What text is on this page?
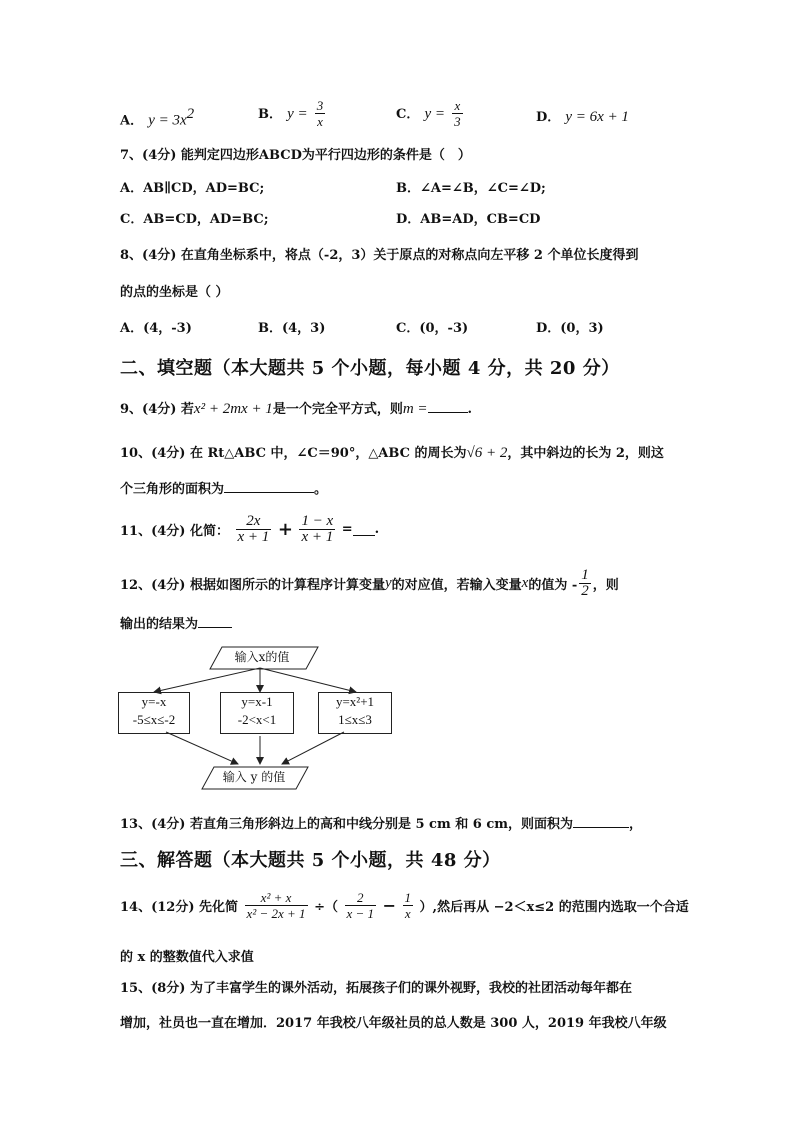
A． $y = 3x^2$	B． $y = \frac{3}{x}$	C． $y = \frac{x}{3}$	D． y = 6x + 1
7、(4分) 能判定四边形ABCD为平行四边形的条件是（　）
A．AB∥CD，AD=BC;	B．∠A=∠B，∠C=∠D;
C．AB=CD，AD=BC;	D．AB=AD，CB=CD
8、(4分) 在直角坐标系中，将点（-2，3）关于原点的对称点向左平移 2 个单位长度得到
的点的坐标是（ ）
A．(4，-3)	B．(4，3)	C．(0，-3)	D．(0，3)
二、填空题（本大题共 5 个小题，每小题 4 分，共 20 分）
9、(4分) 若x² + 2mx + 1是一个完全平方式，则m =	.
10、(4分) 在 Rt△ABC 中，∠C＝90°，△ABC 的周长为√6 + 2，其中斜边的长为 2，则这
个三角形的面积为	。
11、(4分) 化简： $\frac{2x}{x + 1} + \frac{1 - x}{x + 1}$ = .
12、(4分) 根据如图所示的计算程序计算变量y的对应值，若输入变量x的值为 - $\frac{1}{2}$ ，则
输出的结果为
输入x的值
y=-x
-5≤x≤-2
y=x-1
-2<x<1
y=x²+1
1≤x≤3
输入 y 的值
13、(4分) 若直角三角形斜边上的高和中线分别是 5 cm 和 6 cm，则面积为	，
三、解答题（本大题共 5 个小题，共 48 分）
14、(12分) 先化简 $\frac{\text{x² + x}}{\text{x² − 2x + 1}}$ ÷（ $\frac{2}{x - 1} - \frac{1}{x}$ ）,然后再从 −2＜x≤2 的范围内选取一个合适
的 x 的整数值代入求值
15、(8分) 为了丰富学生的课外活动，拓展孩子们的课外视野，我校的社团活动每年都在
增加，社员也一直在增加．2017 年我校八年级社员的总人数是 300 人，2019 年我校八年级
